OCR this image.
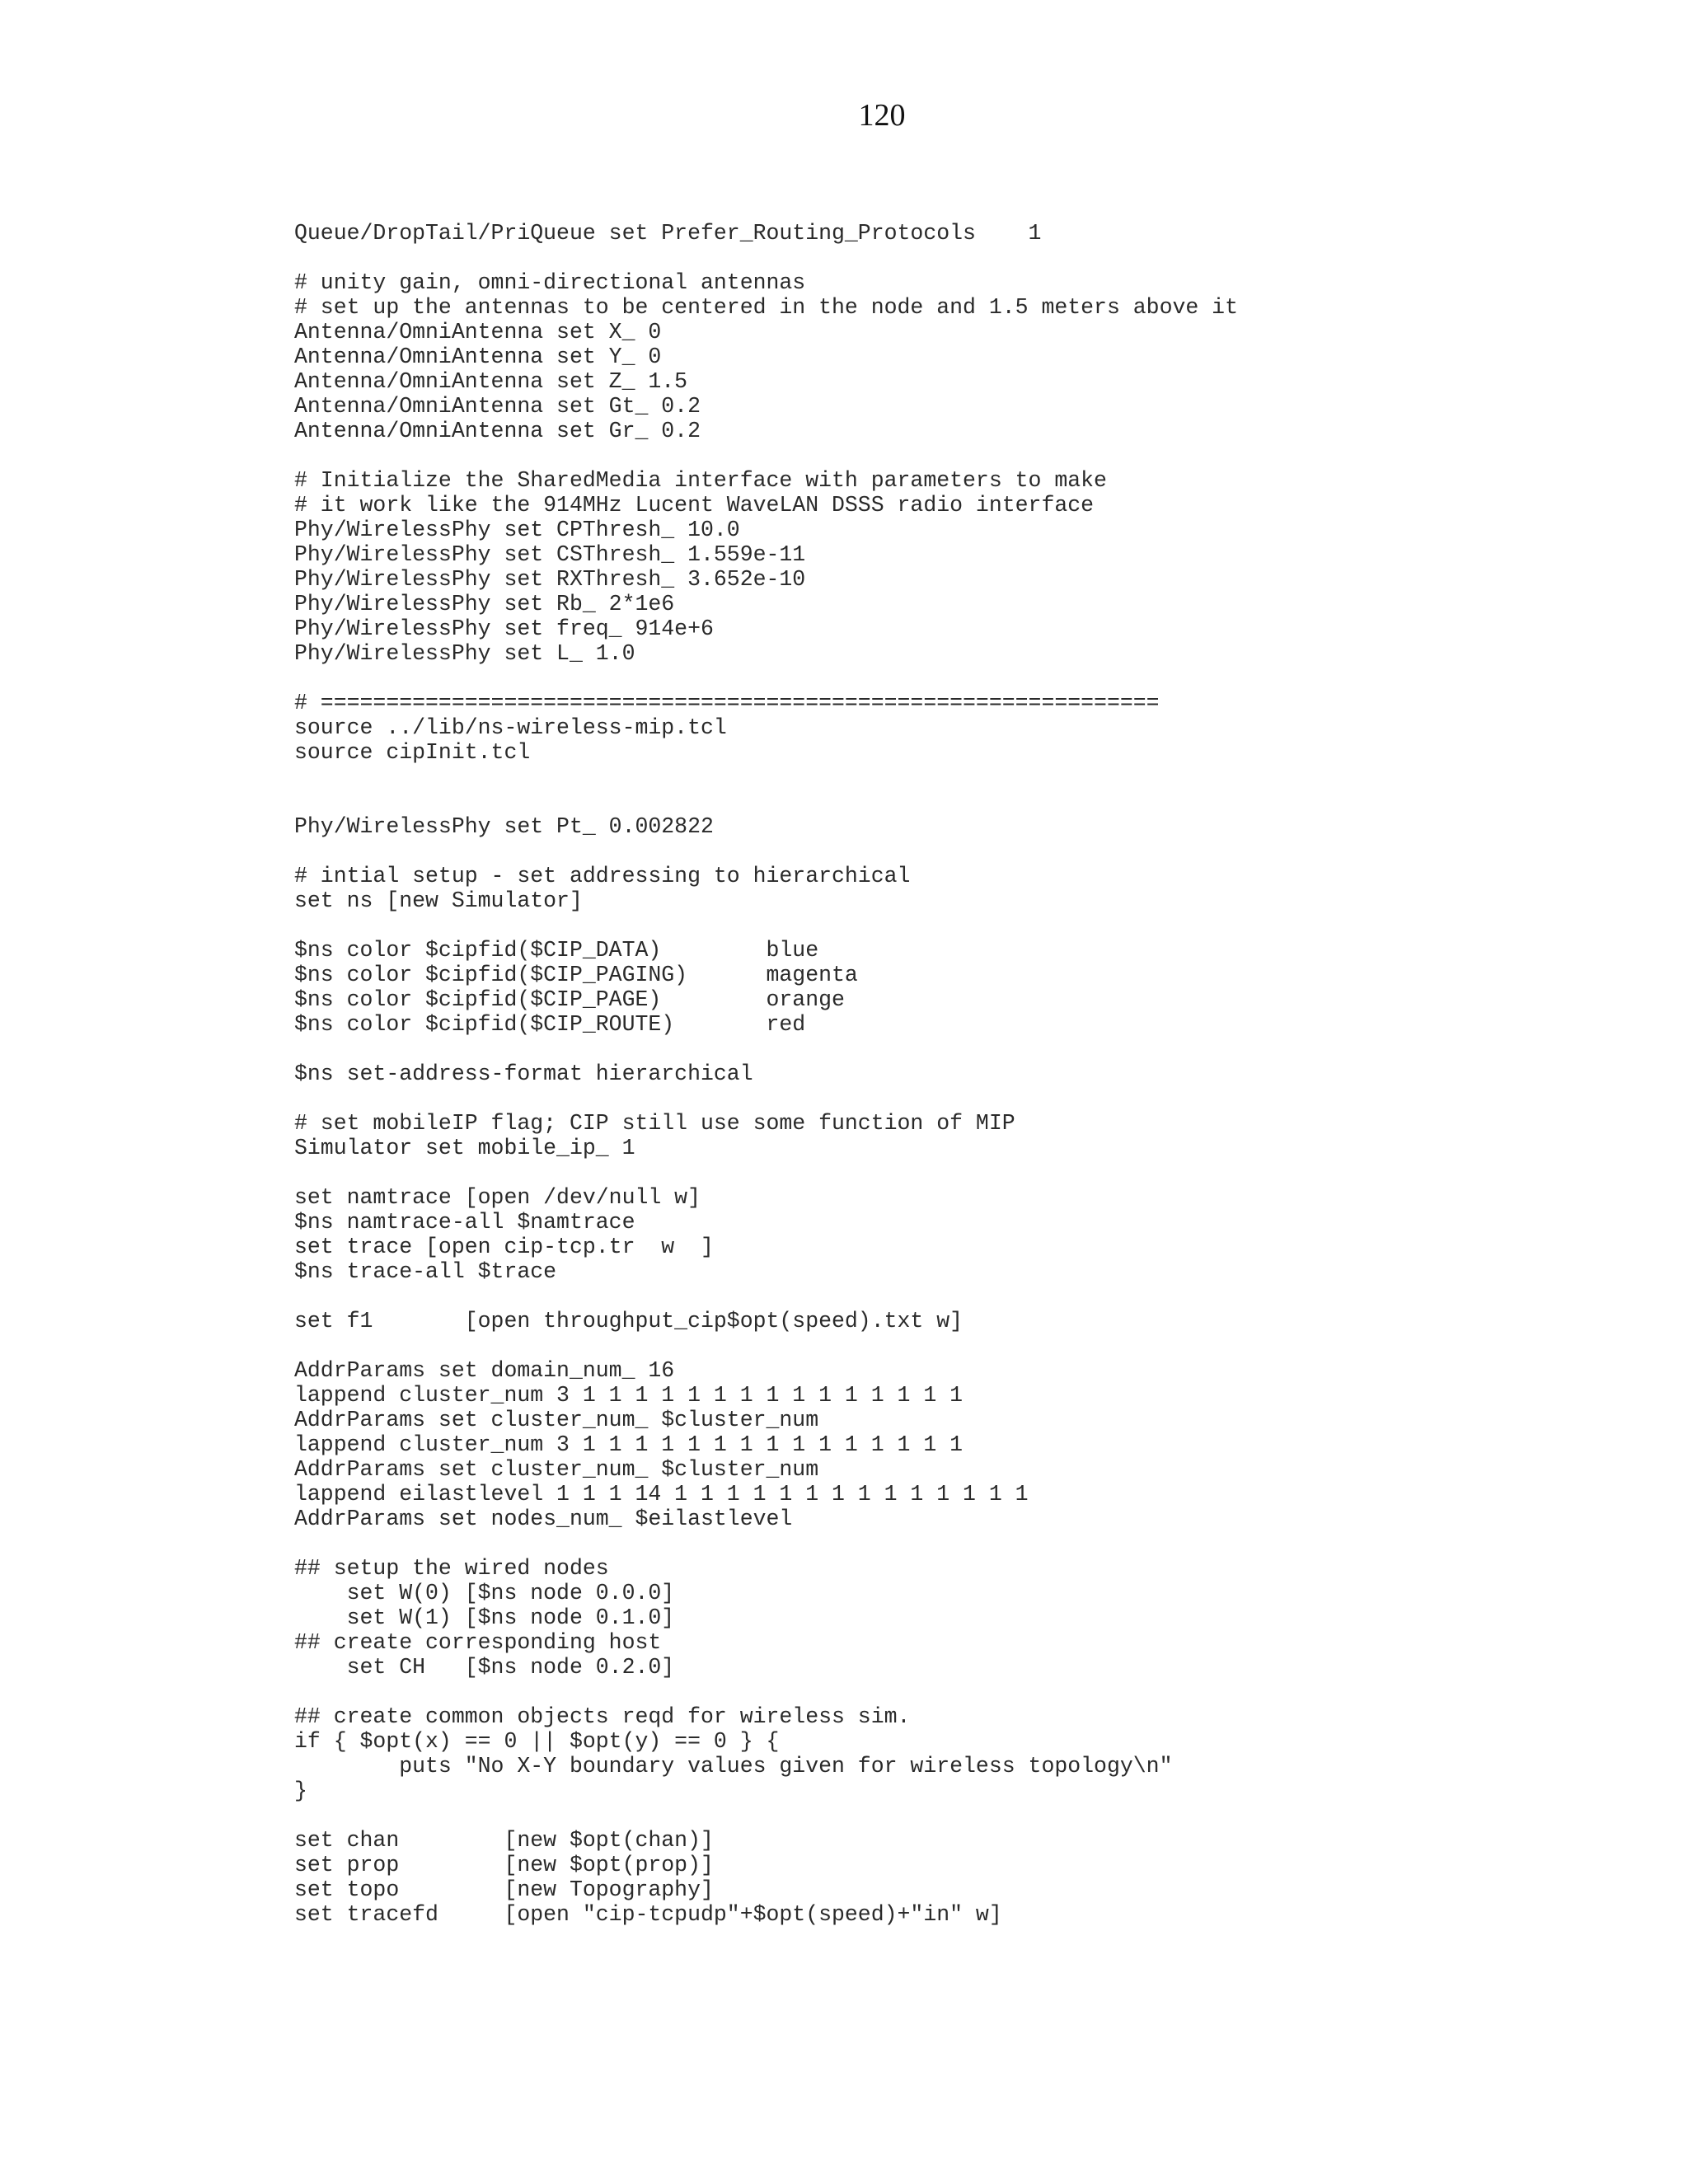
120
Queue/DropTail/PriQueue set Prefer_Routing_Protocols    1
# unity gain, omni-directional antennas
# set up the antennas to be centered in the node and 1.5 meters above it
Antenna/OmniAntenna set X_ 0
Antenna/OmniAntenna set Y_ 0
Antenna/OmniAntenna set Z_ 1.5
Antenna/OmniAntenna set Gt_ 0.2
Antenna/OmniAntenna set Gr_ 0.2
# Initialize the SharedMedia interface with parameters to make
# it work like the 914MHz Lucent WaveLAN DSSS radio interface
Phy/WirelessPhy set CPThresh_ 10.0
Phy/WirelessPhy set CSThresh_ 1.559e-11
Phy/WirelessPhy set RXThresh_ 3.652e-10
Phy/WirelessPhy set Rb_ 2*1e6
Phy/WirelessPhy set freq_ 914e+6
Phy/WirelessPhy set L_ 1.0
# ================================================================
source ../lib/ns-wireless-mip.tcl
source cipInit.tcl
Phy/WirelessPhy set Pt_ 0.002822
# intial setup - set addressing to hierarchical
set ns [new Simulator]
$ns color $cipfid($CIP_DATA)        blue
$ns color $cipfid($CIP_PAGING)      magenta
$ns color $cipfid($CIP_PAGE)        orange
$ns color $cipfid($CIP_ROUTE)       red
$ns set-address-format hierarchical
# set mobileIP flag; CIP still use some function of MIP
Simulator set mobile_ip_ 1
set namtrace [open /dev/null w]
$ns namtrace-all $namtrace
set trace [open cip-tcp.tr  w  ]
$ns trace-all $trace
set f1       [open throughput_cip$opt(speed).txt w]
AddrParams set domain_num_ 16
lappend cluster_num 3 1 1 1 1 1 1 1 1 1 1 1 1 1 1 1
AddrParams set cluster_num_ $cluster_num
lappend cluster_num 3 1 1 1 1 1 1 1 1 1 1 1 1 1 1 1
AddrParams set cluster_num_ $cluster_num
lappend eilastlevel 1 1 1 14 1 1 1 1 1 1 1 1 1 1 1 1 1 1
AddrParams set nodes_num_ $eilastlevel
## setup the wired nodes
set W(0) [$ns node 0.0.0]
set W(1) [$ns node 0.1.0]
## create corresponding host
set CH   [$ns node 0.2.0]
## create common objects reqd for wireless sim.
if { $opt(x) == 0 || $opt(y) == 0 } {
puts "No X-Y boundary values given for wireless topology\n"
}
set chan        [new $opt(chan)]
set prop        [new $opt(prop)]
set topo        [new Topography]
set tracefd     [open "cip-tcpudp"+$opt(speed)+"in" w]
